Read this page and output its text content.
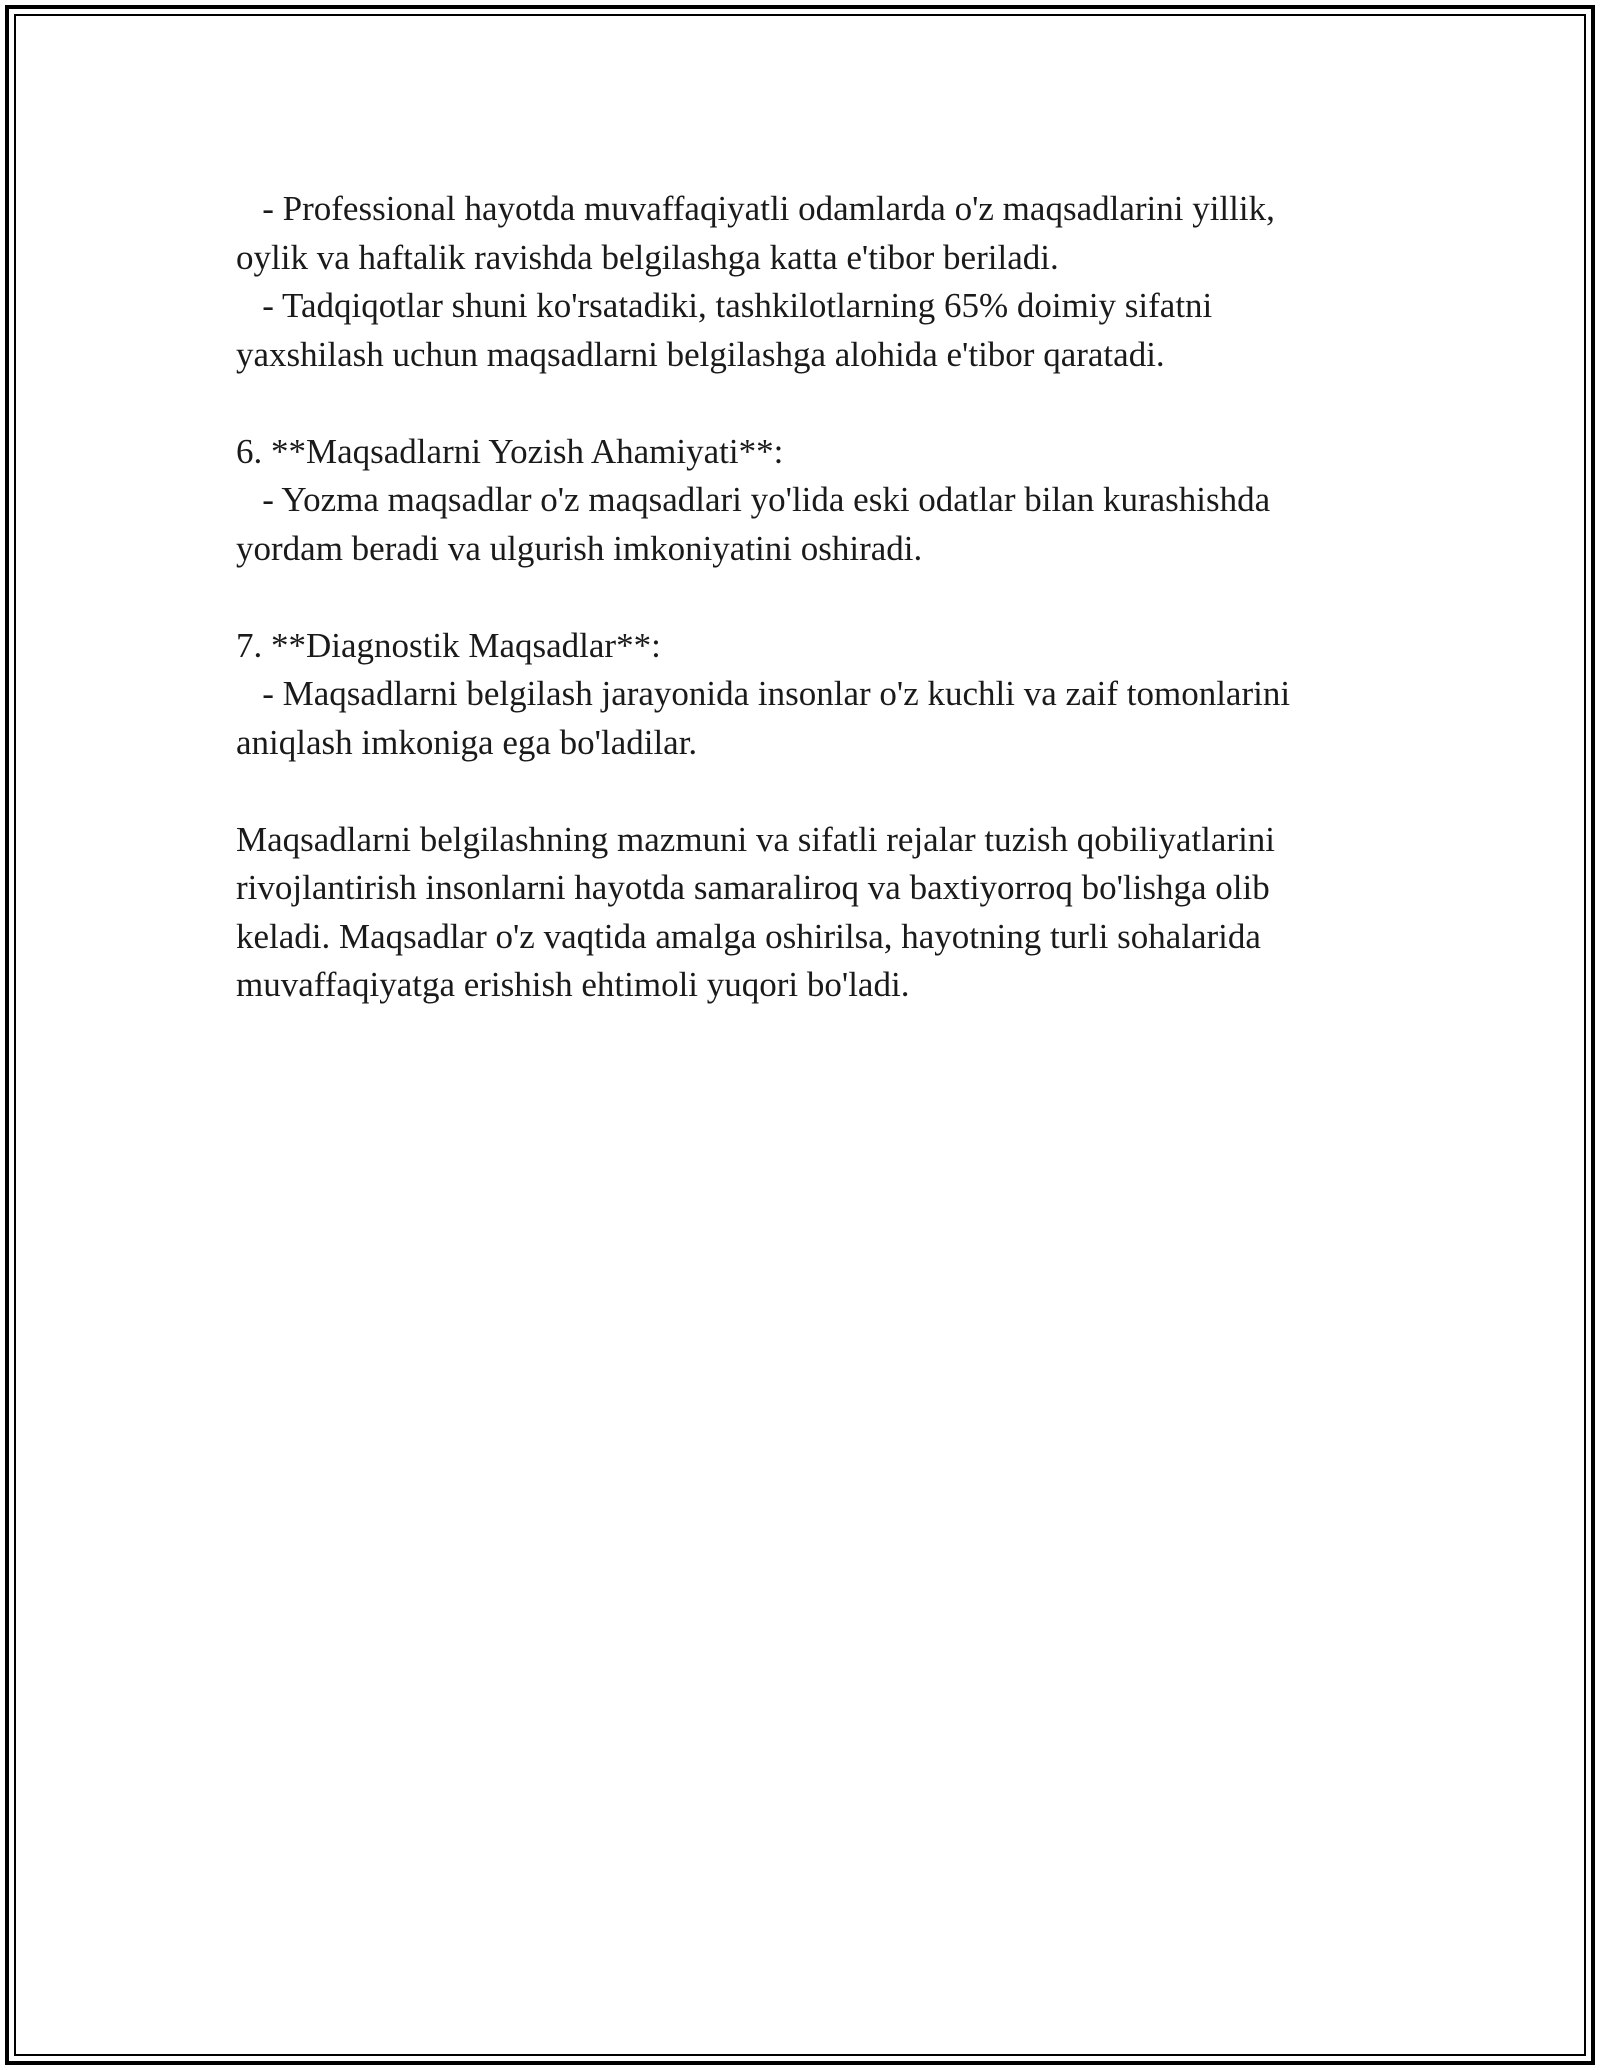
- Professional hayotda muvaffaqiyatli odamlarda o'z maqsadlarini yillik,

oylik va haftalik ravishda belgilashga katta e'tibor beriladi.

- Tadqiqotlar shuni ko'rsatadiki, tashkilotlarning 65% doimiy sifatni

yaxshilash uchun maqsadlarni belgilashga alohida e'tibor qaratadi.

6. **Maqsadlarni Yozish Ahamiyati**:

- Yozma maqsadlar o'z maqsadlari yo'lida eski odatlar bilan kurashishda

yordam beradi va ulgurish imkoniyatini oshiradi.

7. **Diagnostik Maqsadlar**:

- Maqsadlarni belgilash jarayonida insonlar o'z kuchli va zaif tomonlarini

aniqlash imkoniga ega bo'ladilar.

Maqsadlarni belgilashning mazmuni va sifatli rejalar tuzish qobiliyatlarini

rivojlantirish insonlarni hayotda samaraliroq va baxtiyorroq bo'lishga olib

keladi. Maqsadlar o'z vaqtida amalga oshirilsa, hayotning turli sohalarida

muvaffaqiyatga erishish ehtimoli yuqori bo'ladi.
